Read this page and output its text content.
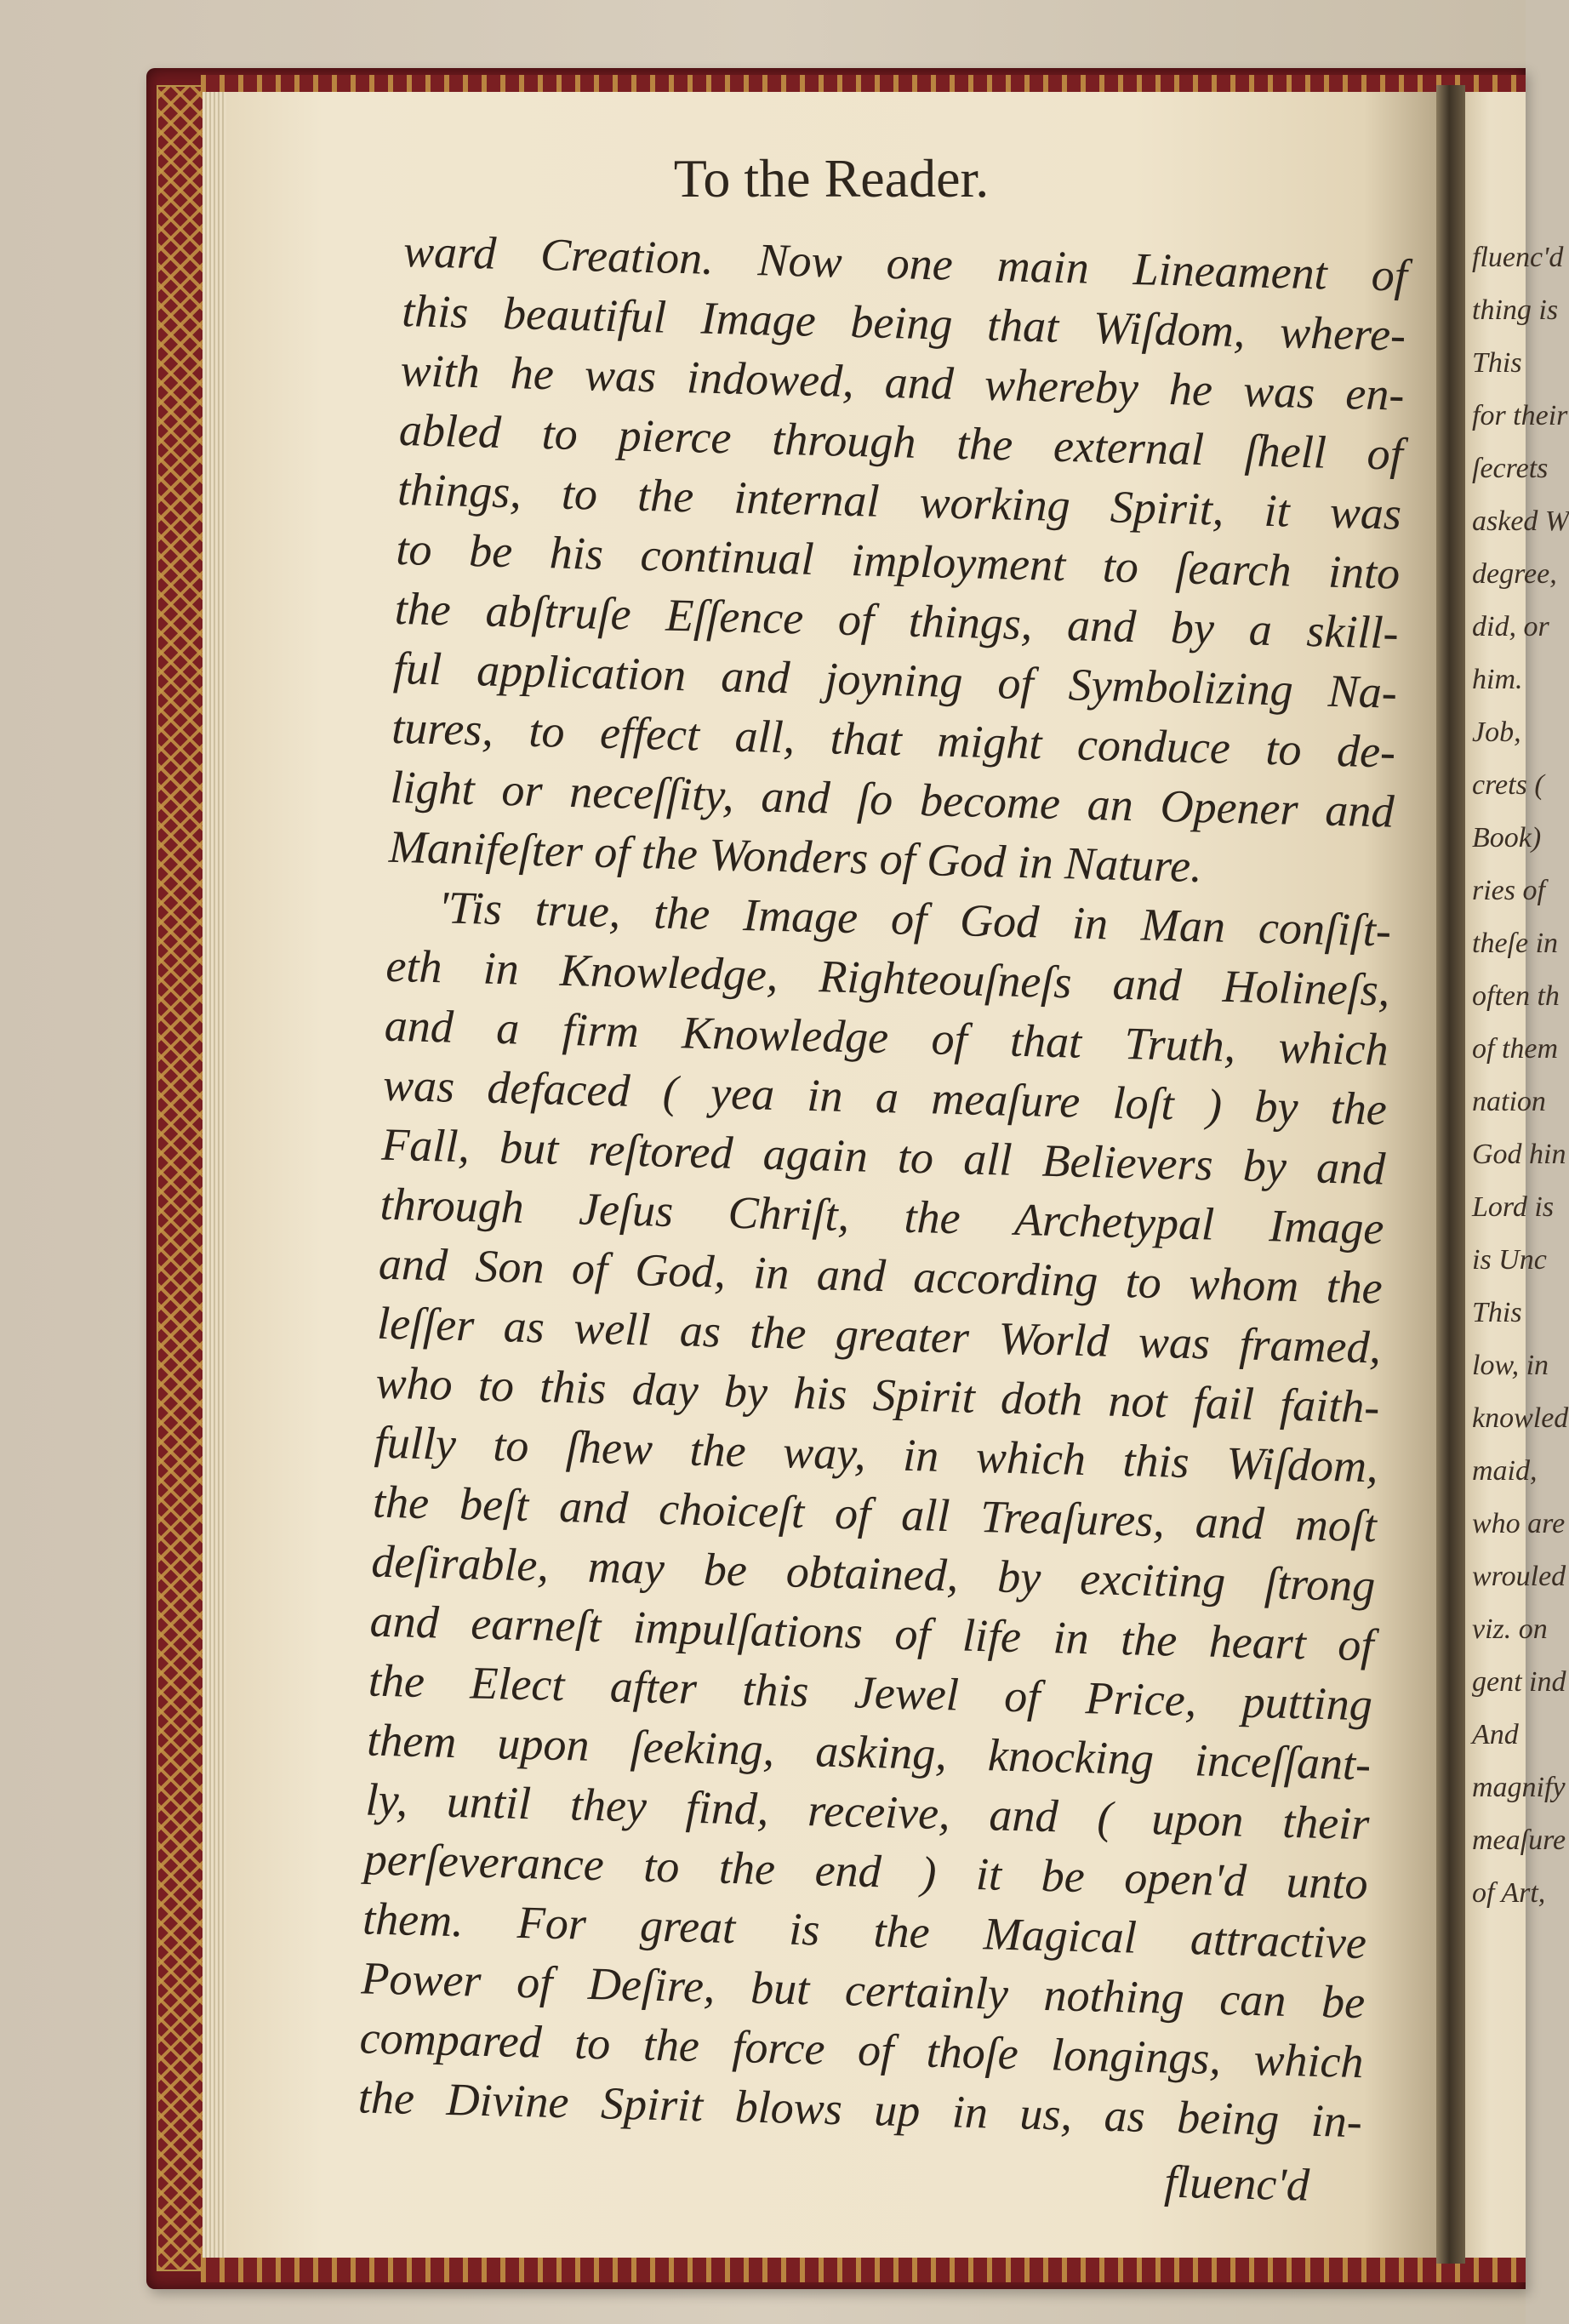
To the Reader.
ward Creation. Now one main Lineament of
this beautiful Image being that Wiſdom, where-
with he was indowed, and whereby he was en-
abled to pierce through the external ſhell of
things, to the internal working Spirit, it was
to be his continual imployment to ſearch into
the abſtruſe Eſſence of things, and by a skill-
ful application and joyning of Symbolizing Na-
tures, to effect all, that might conduce to de-
light or neceſſity, and ſo become an Opener and
Manifeſter of the Wonders of God in Nature.
'Tis true, the Image of God in Man conſiſt-
eth in Knowledge, Righteouſneſs and Holineſs,
and a firm Knowledge of that Truth, which
was defaced ( yea in a meaſure loſt ) by the
Fall, but reſtored again to all Believers by and
through Jeſus Chriſt, the Archetypal Image
and Son of God, in and according to whom the
leſſer as well as the greater World was framed,
who to this day by his Spirit doth not fail faith-
fully to ſhew the way, in which this Wiſdom,
the beſt and choiceſt of all Treaſures, and moſt
deſirable, may be obtained, by exciting ſtrong
and earneſt impulſations of life in the heart of
the Elect after this Jewel of Price, putting
them upon ſeeking, asking, knocking inceſſant-
ly, until they find, receive, and ( upon their
perſeverance to the end ) it be open'd unto
them. For great is the Magical attractive
Power of Deſire, but certainly nothing can be
compared to the force of thoſe longings, which
the Divine Spirit blows up in us, as being in-
fluenc'd
fluenc'd
thing is
This
for their
ſecrets
asked W
degree,
did, or
him.
Job,
crets (
Book)
ries of
theſe in
often th
of them
nation
God hin
Lord is
is Unc
This
low, in
knowled
maid,
who are
wrouled
viz. on
gent ind
And
magnify
meaſure
of Art,
